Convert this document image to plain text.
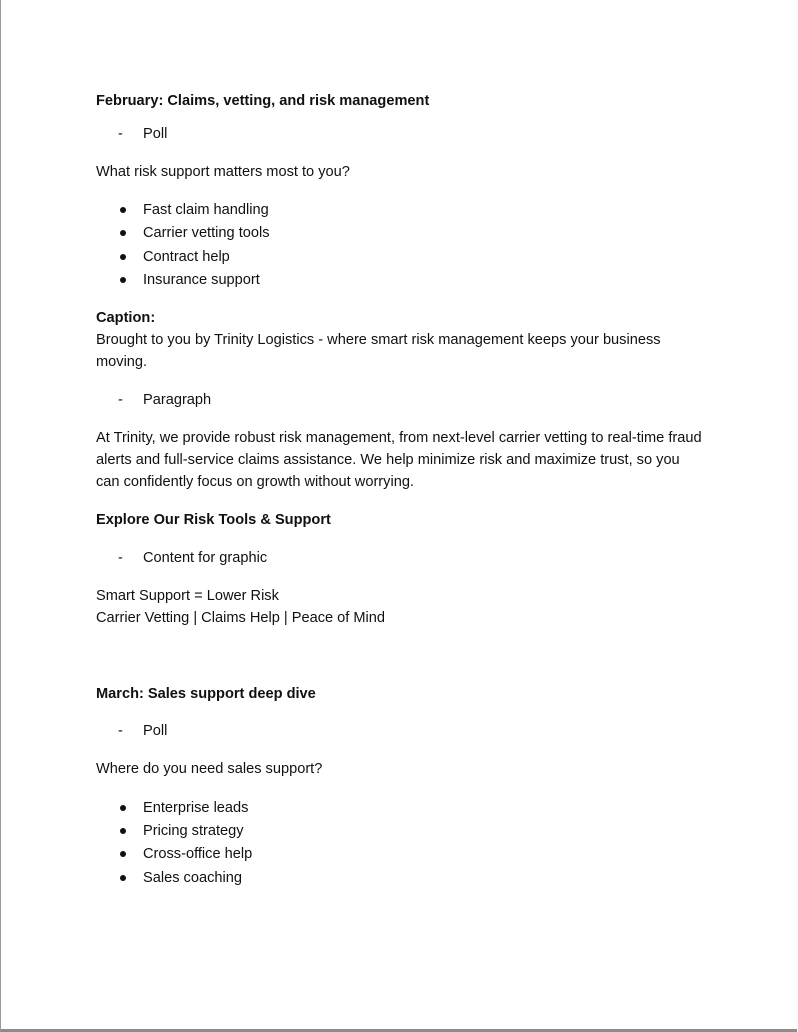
February: Claims, vetting, and risk management
-	Poll
What risk support matters most to you?
Fast claim handling
Carrier vetting tools
Contract help
Insurance support
Caption:
Brought to you by Trinity Logistics - where smart risk management keeps your business moving.
-	Paragraph
At Trinity, we provide robust risk management, from next-level carrier vetting to real-time fraud alerts and full-service claims assistance. We help minimize risk and maximize trust, so you can confidently focus on growth without worrying.
Explore Our Risk Tools & Support
-	Content for graphic
Smart Support = Lower Risk
Carrier Vetting | Claims Help | Peace of Mind
March: Sales support deep dive
-	Poll
Where do you need sales support?
Enterprise leads
Pricing strategy
Cross-office help
Sales coaching
